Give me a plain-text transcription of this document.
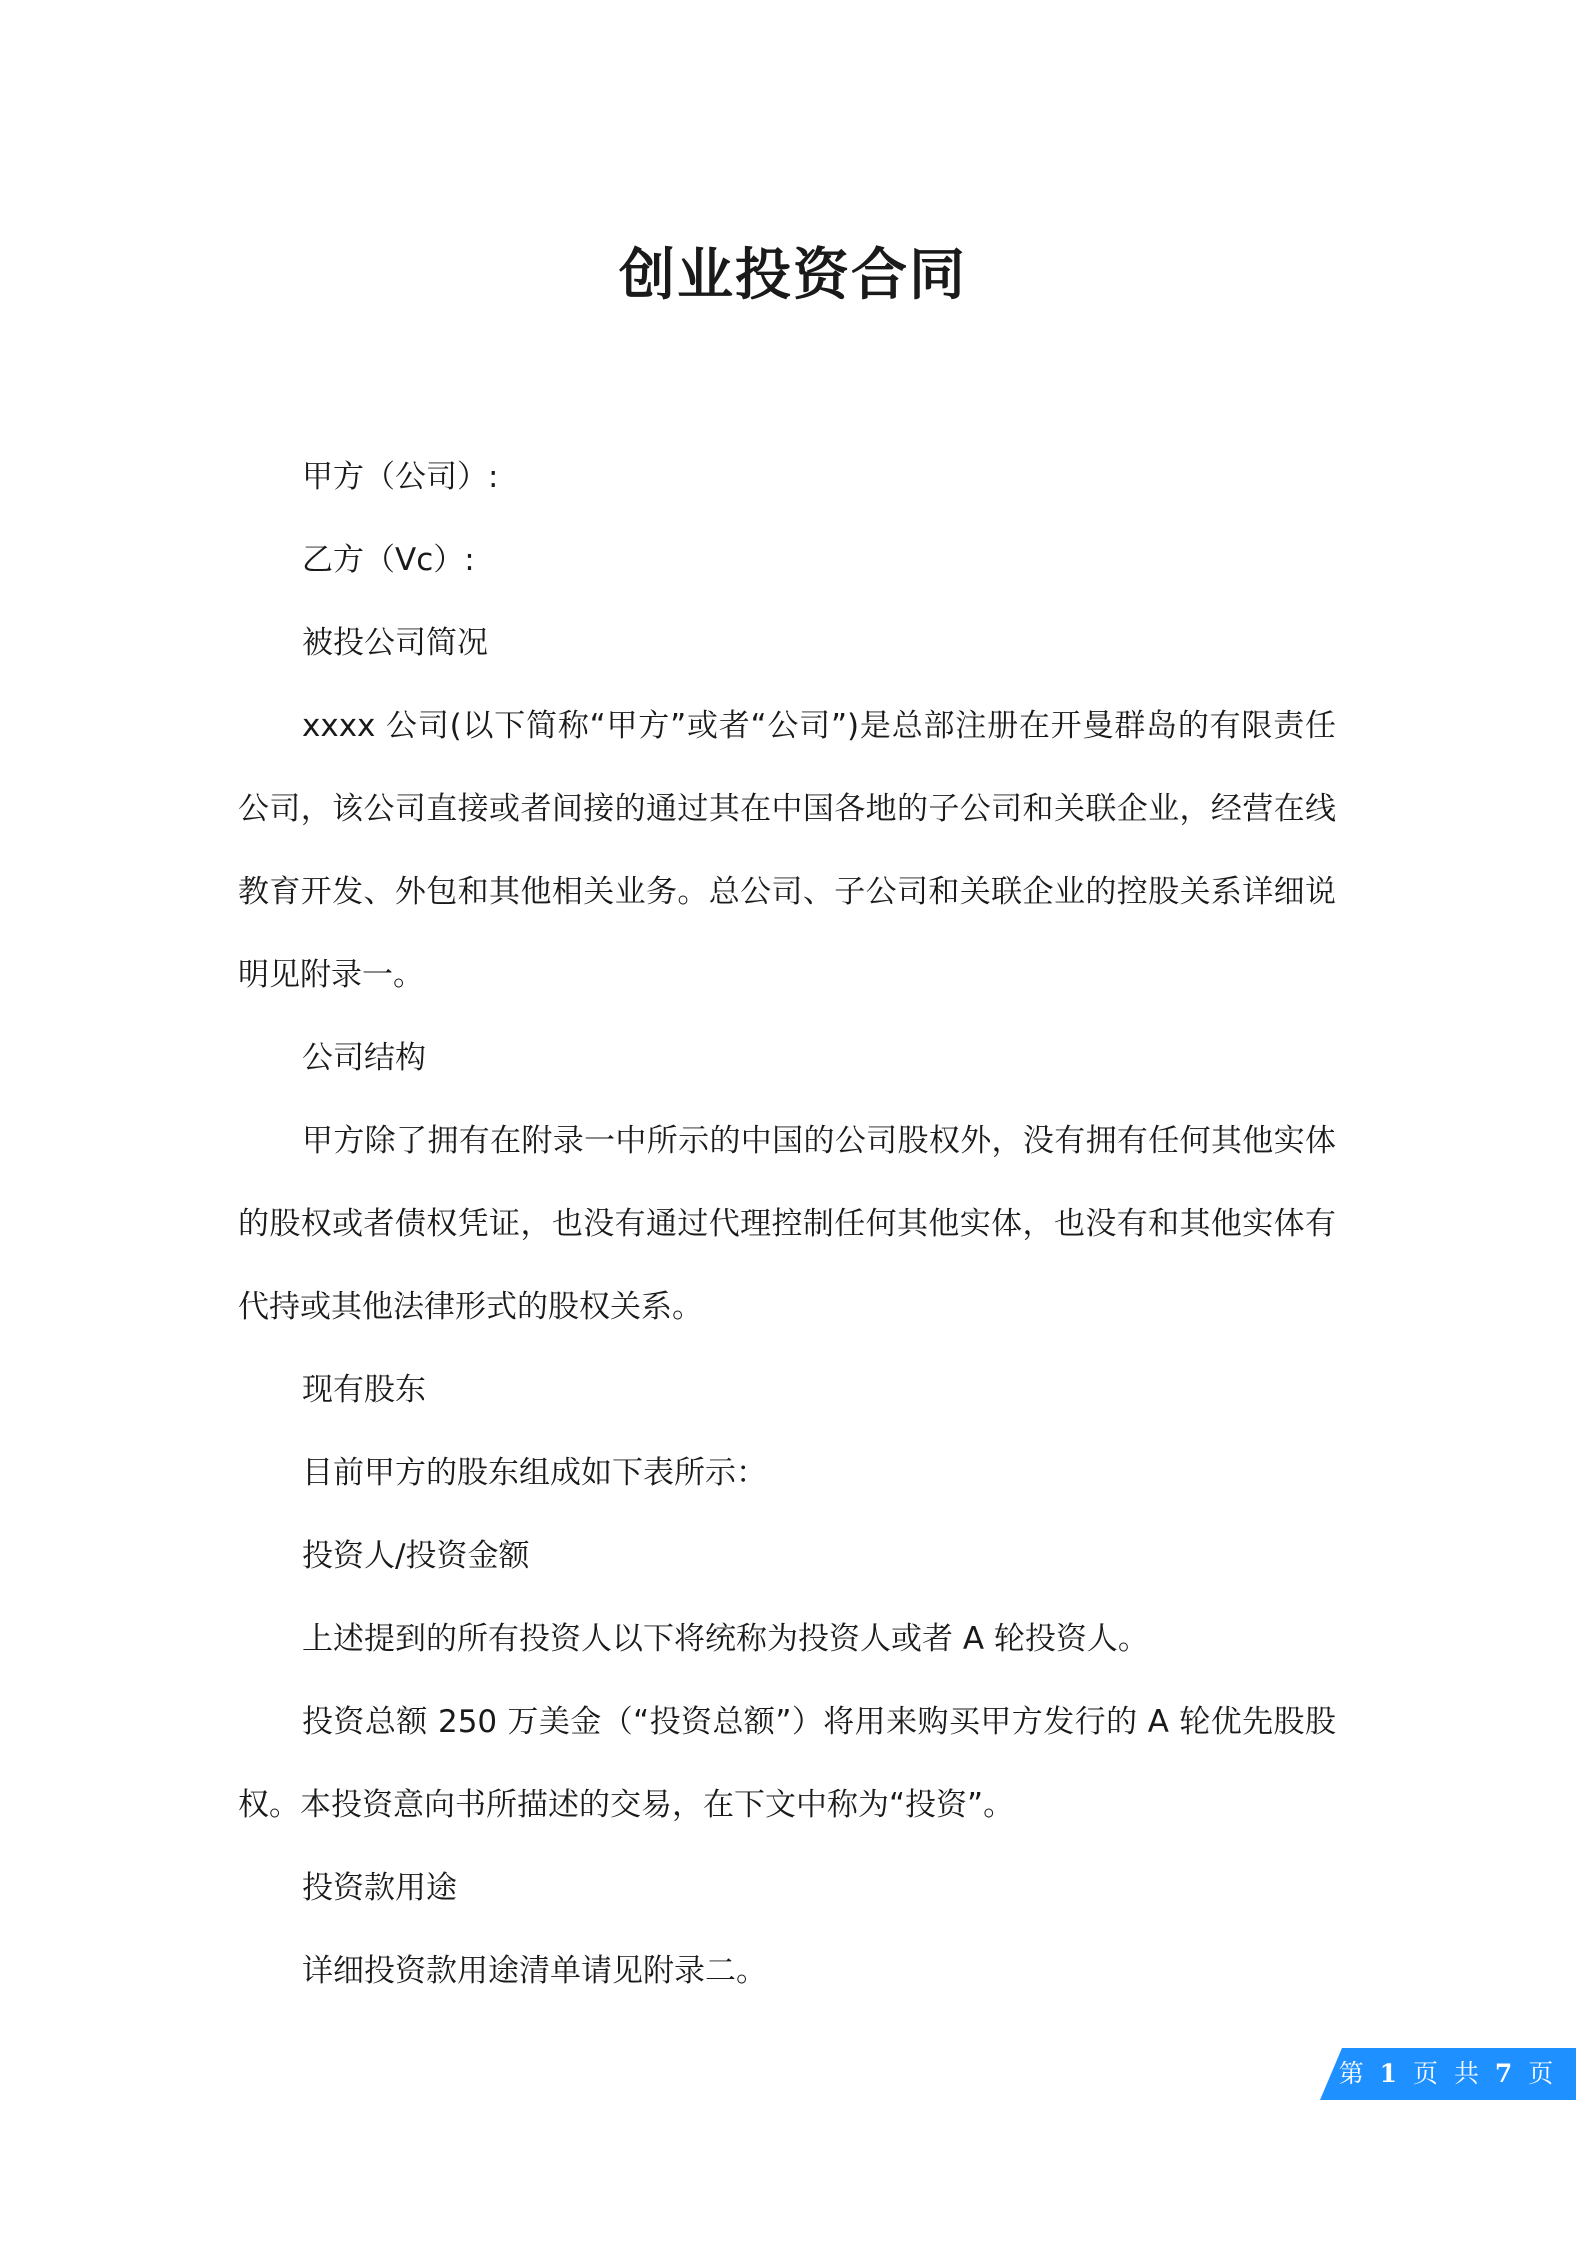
创业投资合同

甲方（公司）:

乙方（Vc）:

被投公司简况

xxxx 公司(以下简称“甲方”或者“公司”)是总部注册在开曼群岛的有限责任公司，该公司直接或者间接的通过其在中国各地的子公司和关联企业，经营在线教育开发、外包和其他相关业务。总公司、子公司和关联企业的控股关系详细说明见附录一。

公司结构

甲方除了拥有在附录一中所示的中国的公司股权外，没有拥有任何其他实体的股权或者债权凭证，也没有通过代理控制任何其他实体，也没有和其他实体有代持或其他法律形式的股权关系。

现有股东

目前甲方的股东组成如下表所示：

投资人/投资金额

上述提到的所有投资人以下将统称为投资人或者 A 轮投资人。

投资总额 250 万美金（“投资总额”）将用来购买甲方发行的 A 轮优先股股权。本投资意向书所描述的交易，在下文中称为“投资”。

投资款用途

详细投资款用途清单请见附录二。

第 1 页 共 7 页
